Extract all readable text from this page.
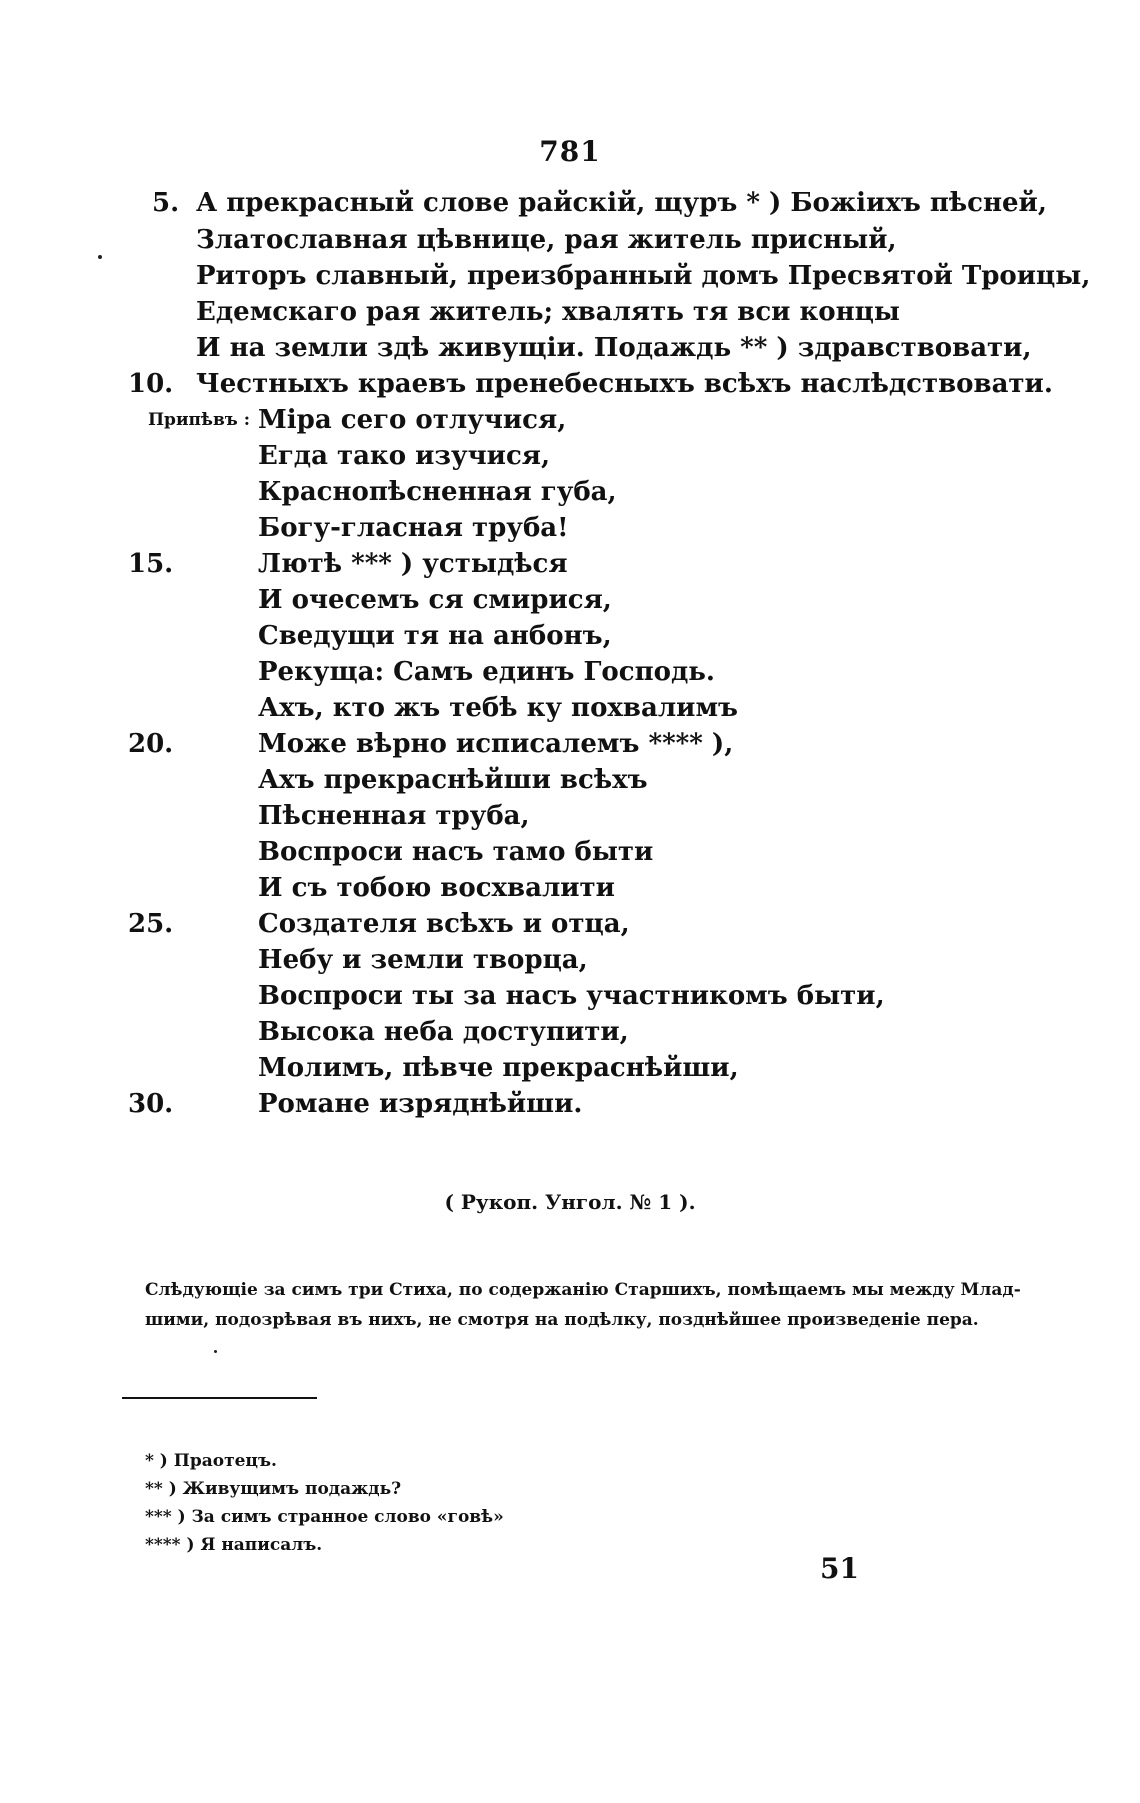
781
5. А прекрасный слове райскій, щуръ * ) Божіихъ пѣсней,
Златославная цѣвнице, рая житель присный,
Риторъ славный, преизбранный домъ Пресвятой Троицы,
Едемскаго рая житель; хвалять тя вси концы
И на земли здѣ живущіи. Подаждь ** ) здравствовати,
10. Честныхъ краевъ пренебесныхъ всѣхъ наслѣдствовати.
Припѣвъ : Міра сего отлучися,
Егда тако изучися,
Краснопѣсненная губа,
Богу-гласная труба!
15.	Лютѣ *** ) устыдѣся
И очесемъ ся смирися,
Сведущи тя на анбонъ,
Рекуща: Самъ единъ Господь.
Ахъ, кто жъ тебѣ ку похвалимъ
20.	Може вѣрно исписалемъ **** ),
Ахъ прекраснѣйши всѣхъ
Пѣсненная труба,
Воспроси насъ тамо быти
И съ тобою восхвалити
25.	Создателя всѣхъ и отца,
Небу и земли творца,
Воспроси ты за насъ участникомъ быти,
Высока неба доступити,
Молимъ, пѣвче прекраснѣйши,
30.	Романе изряднѣйши.
( Рукоп. Унгол. № 1 ).
Слѣдующіе за симъ три Стиха, по содержанію Старшихъ, помѣщаемъ мы между Млад-
шими, подозрѣвая въ нихъ, не смотря на подѣлку, позднѣйшее произведеніе пера.
* ) Праотецъ.
** ) Живущимъ подаждь?
*** ) За симъ странное слово «говѣ»
**** ) Я написалъ.
51
